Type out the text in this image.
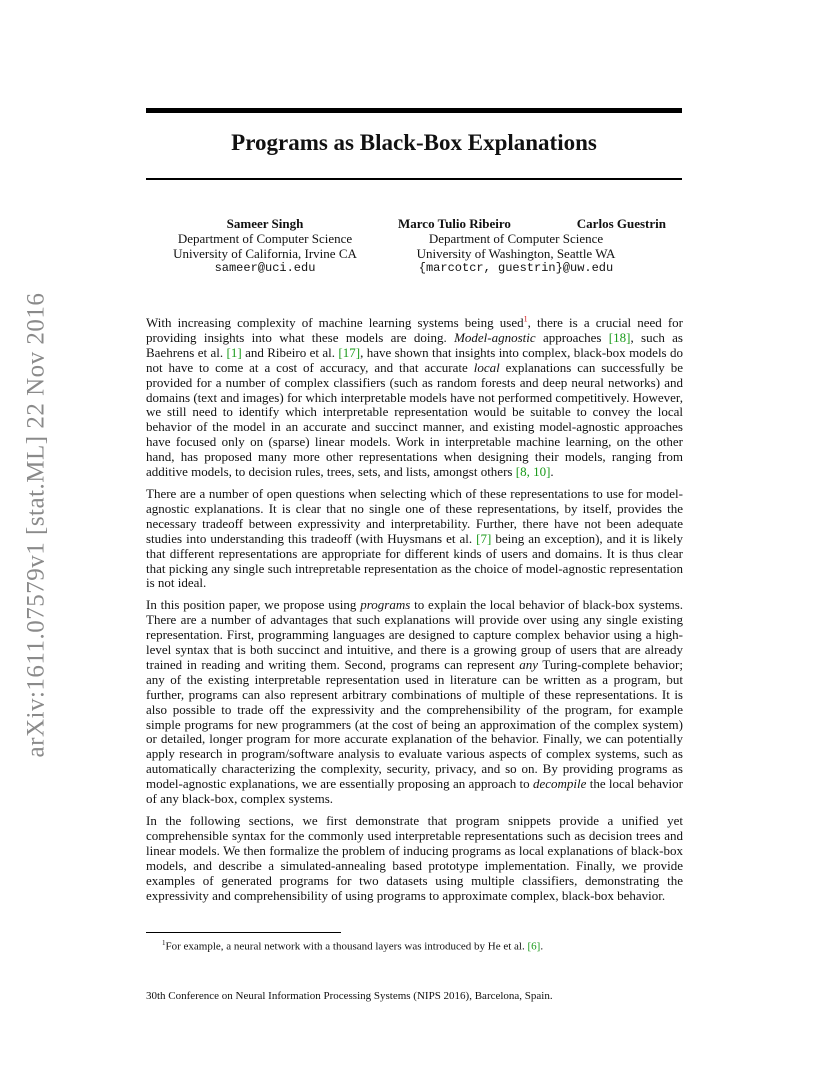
arXiv:1611.07579v1 [stat.ML] 22 Nov 2016
Programs as Black-Box Explanations
Sameer Singh
Department of Computer Science
University of California, Irvine CA
sameer@uci.edu
Marco Tulio Ribeiro
Department of Computer Science
University of Washington, Seattle WA
{marcotcr, guestrin}@uw.edu
Carlos Guestrin

With increasing complexity of machine learning systems being used$^1$, there is a crucial need for providing insights into what these models are doing. Model-agnostic approaches [18], such as Baehrens et al. [1] and Ribeiro et al. [17], have shown that insights into complex, black-box models do not have to come at a cost of accuracy, and that accurate local explanations can successfully be provided for a number of complex classifiers (such as random forests and deep neural networks) and domains (text and images) for which interpretable models have not performed competitively. However, we still need to identify which interpretable representation would be suitable to convey the local behavior of the model in an accurate and succinct manner, and existing model-agnostic approaches have focused only on (sparse) linear models. Work in interpretable machine learning, on the other hand, has proposed many more other representations when designing their models, ranging from additive models, to decision rules, trees, sets, and lists, amongst others [8, 10].

There are a number of open questions when selecting which of these representations to use for model-agnostic explanations. It is clear that no single one of these representations, by itself, provides the necessary tradeoff between expressivity and interpretability. Further, there have not been adequate studies into understanding this tradeoff (with Huysmans et al. [7] being an exception), and it is likely that different representations are appropriate for different kinds of users and domains. It is thus clear that picking any single such intrepretable representation as the choice of model-agnostic representation is not ideal.

In this position paper, we propose using programs to explain the local behavior of black-box systems. There are a number of advantages that such explanations will provide over using any single existing representation. First, programming languages are designed to capture complex behavior using a high-level syntax that is both succinct and intuitive, and there is a growing group of users that are already trained in reading and writing them. Second, programs can represent any Turing-complete behavior; any of the existing interpretable representation used in literature can be written as a program, but further, programs can also represent arbitrary combinations of multiple of these representations. It is also possible to trade off the expressivity and the comprehensibility of the program, for example simple programs for new programmers (at the cost of being an approximation of the complex system) or detailed, longer program for more accurate explanation of the behavior. Finally, we can potentially apply research in program/software analysis to evaluate various aspects of complex systems, such as automatically characterizing the complexity, security, privacy, and so on. By providing programs as model-agnostic explanations, we are essentially proposing an approach to decompile the local behavior of any black-box, complex systems.

In the following sections, we first demonstrate that program snippets provide a unified yet comprehensible syntax for the commonly used interpretable representations such as decision trees and linear models. We then formalize the problem of inducing programs as local explanations of black-box models, and describe a simulated-annealing based prototype implementation. Finally, we provide examples of generated programs for two datasets using multiple classifiers, demonstrating the expressivity and comprehensibility of using programs to approximate complex, black-box behavior.

$^1$For example, a neural network with a thousand layers was introduced by He et al. [6].
30th Conference on Neural Information Processing Systems (NIPS 2016), Barcelona, Spain.
